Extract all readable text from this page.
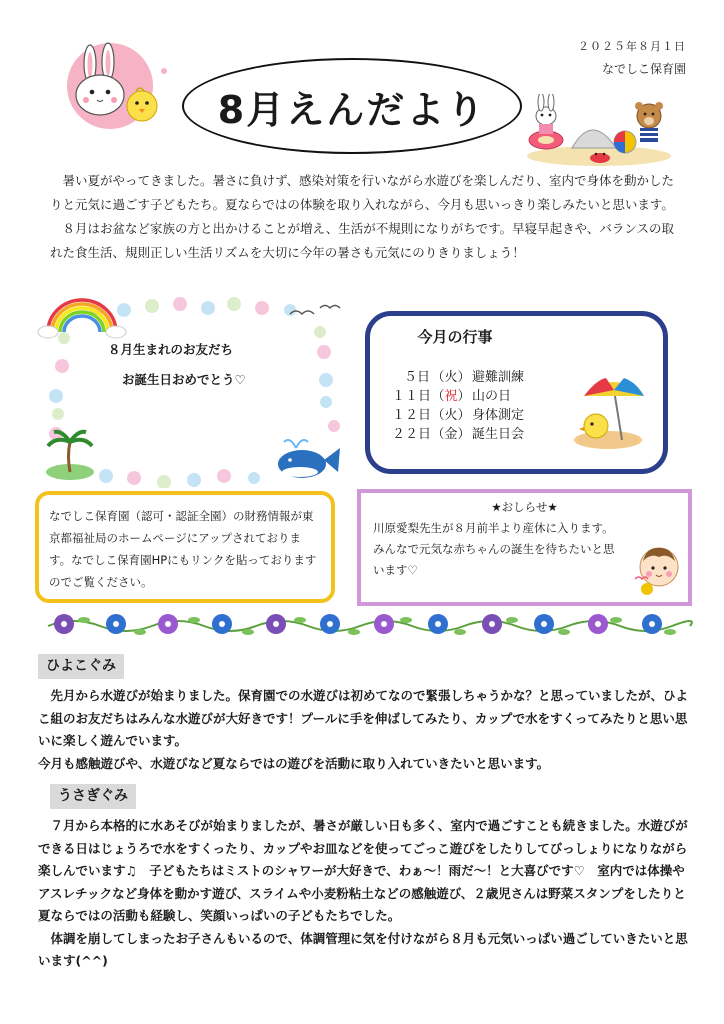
２０２５年８月１日
なでしこ保育園
8月えんだより

暑い夏がやってきました。暑さに負けず、感染対策を行いながら水遊びを楽しんだり、室内で身体を動かしたりと元気に過ごす子どもたち。夏ならではの体験を取り入れながら、今月も思いっきり楽しみたいと思います。

８月はお盆など家族の方と出かけることが増え、生活が不規則になりがちです。早寝早起きや、バランスの取れた食生活、規則正しい生活リズムを大切に今年の暑さも元気にのりきりましょう！

８月生まれのお友だち
お誕生日おめでとう♡
今月の行事
５日（火）避難訓練
１１日（祝）山の日
１２日（火）身体測定
２２日（金）誕生日会
なでしこ保育園（認可・認証全園）の財務情報が東京都福祉局のホームページにアップされております。なでしこ保育園HPにもリンクを貼っておりますのでご覧ください。
★おしらせ★
川原愛梨先生が８月前半より産休に入ります。
みんなで元気な赤ちゃんの誕生を待ちたいと思います♡
ひよこぐみ

先月から水遊びが始まりました。保育園での水遊びは初めてなので緊張しちゃうかな？と思っていましたが、ひよこ組のお友だちはみんな水遊びが大好きです！プールに手を伸ばしてみたり、カップで水をすくってみたりと思い思いに楽しく遊んでいます。

今月も感触遊びや、水遊びなど夏ならではの遊びを活動に取り入れていきたいと思います。

うさぎぐみ

７月から本格的に水あそびが始まりましたが、暑さが厳しい日も多く、室内で過ごすことも続きました。水遊びができる日はじょうろで水をすくったり、カップやお皿などを使ってごっこ遊びをしたりしてびっしょりになりながら楽しんでいます♫　子どもたちはミストのシャワーが大好きで、わぁ～！雨だ～！と大喜びです♡　室内では体操やアスレチックなど身体を動かす遊び、スライムや小麦粉粘土などの感触遊び、２歳児さんは野菜スタンプをしたりと夏ならではの活動も経験し、笑顔いっぱいの子どもたちでした。

体調を崩してしまったお子さんもいるので、体調管理に気を付けながら８月も元気いっぱい過ごしていきたいと思います(^^)
